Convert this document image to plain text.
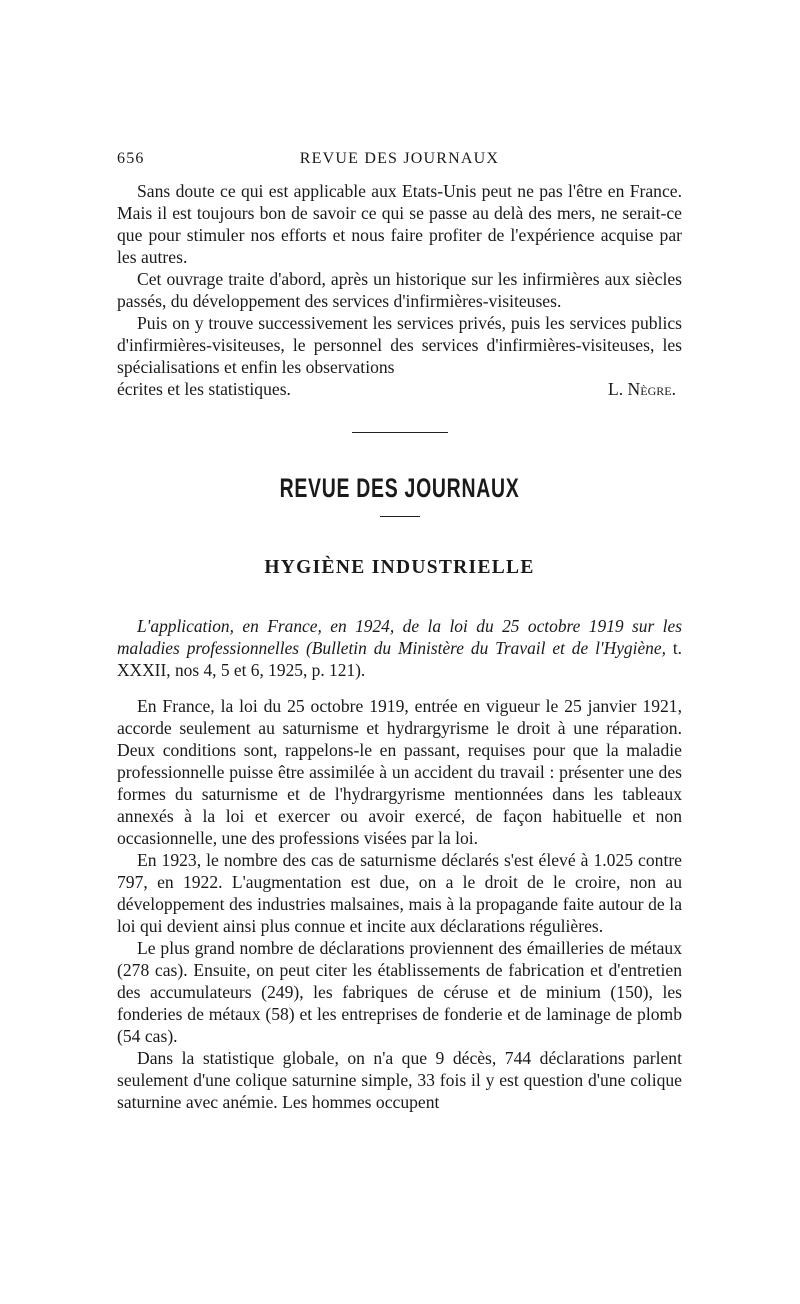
656	REVUE DES JOURNAUX

Sans doute ce qui est applicable aux Etats-Unis peut ne pas l'être en France. Mais il est toujours bon de savoir ce qui se passe au delà des mers, ne serait-ce que pour stimuler nos efforts et nous faire profiter de l'expérience acquise par les autres.

Cet ouvrage traite d'abord, après un historique sur les infirmières aux siècles passés, du développement des services d'infirmières-visiteuses.

Puis on y trouve successivement les services privés, puis les services publics d'infirmières-visiteuses, le personnel des services d'infirmières-visiteuses, les spécialisations et enfin les observations

écrites et les statistiques.	L. Nègre.
REVUE DES JOURNAUX
HYGIÈNE INDUSTRIELLE
L'application, en France, en 1924, de la loi du 25 octobre 1919 sur les maladies professionnelles (Bulletin du Ministère du Travail et de l'Hygiène, t. XXXII, nos 4, 5 et 6, 1925, p. 121).

En France, la loi du 25 octobre 1919, entrée en vigueur le 25 janvier 1921, accorde seulement au saturnisme et hydrargyrisme le droit à une réparation. Deux conditions sont, rappelons-le en passant, requises pour que la maladie professionnelle puisse être assimilée à un accident du travail : présenter une des formes du saturnisme et de l'hydrargyrisme mentionnées dans les tableaux annexés à la loi et exercer ou avoir exercé, de façon habituelle et non occasionnelle, une des professions visées par la loi.

En 1923, le nombre des cas de saturnisme déclarés s'est élevé à 1.025 contre 797, en 1922. L'augmentation est due, on a le droit de le croire, non au développement des industries malsaines, mais à la propagande faite autour de la loi qui devient ainsi plus connue et incite aux déclarations régulières.

Le plus grand nombre de déclarations proviennent des émailleries de métaux (278 cas). Ensuite, on peut citer les établissements de fabrication et d'entretien des accumulateurs (249), les fabriques de céruse et de minium (150), les fonderies de métaux (58) et les entreprises de fonderie et de laminage de plomb (54 cas).

Dans la statistique globale, on n'a que 9 décès, 744 déclarations parlent seulement d'une colique saturnine simple, 33 fois il y est question d'une colique saturnine avec anémie. Les hommes occupent
